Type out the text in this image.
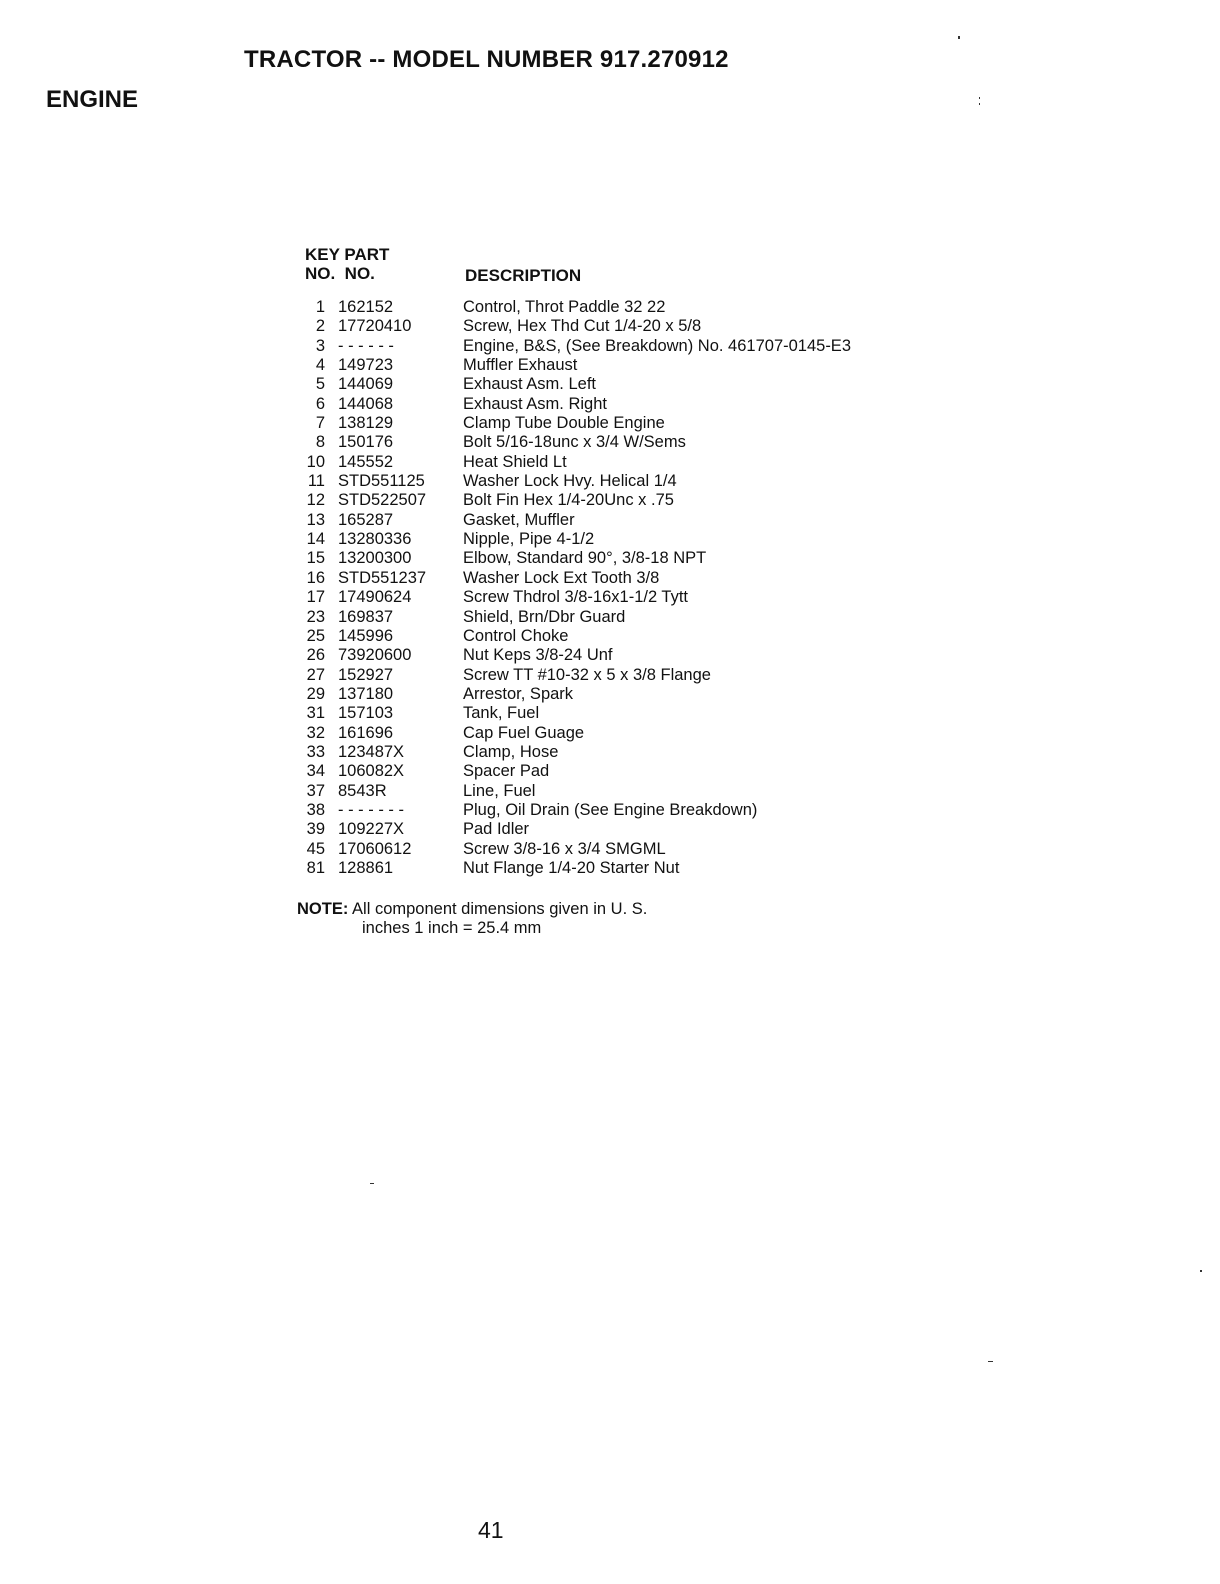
TRACTOR -- MODEL NUMBER 917.270912
ENGINE
KEY PART
NO.  NO.	DESCRIPTION
1 162152	Control, Throt Paddle 32 22
2 17720410	Screw, Hex Thd Cut 1/4-20 x 5/8
3 - - - - - -	Engine, B&S, (See Breakdown) No. 461707-0145-E3
4 149723	Muffler Exhaust
5 144069	Exhaust Asm. Left
6 144068	Exhaust Asm. Right
7 138129	Clamp Tube Double Engine
8 150176	Bolt 5/16-18unc x 3/4 W/Sems
10 145552	Heat Shield Lt
11 STD551125	Washer Lock Hvy. Helical 1/4
12 STD522507	Bolt Fin Hex 1/4-20Unc x .75
13 165287	Gasket, Muffler
14 13280336	Nipple, Pipe 4-1/2
15 13200300	Elbow, Standard 90°, 3/8-18 NPT
16 STD551237	Washer Lock Ext Tooth 3/8
17 17490624	Screw Thdrol 3/8-16x1-1/2 Tytt
23 169837	Shield, Brn/Dbr Guard
25 145996	Control Choke
26 73920600	Nut Keps 3/8-24 Unf
27 152927	Screw TT #10-32 x 5 x 3/8 Flange
29 137180	Arrestor, Spark
31 157103	Tank, Fuel
32 161696	Cap Fuel Guage
33 123487X	Clamp, Hose
34 106082X	Spacer Pad
37 8543R	Line, Fuel
38 - - - - - - -	Plug, Oil Drain (See Engine Breakdown)
39 109227X	Pad Idler
45 17060612	Screw 3/8-16 x 3/4 SMGML
81 128861	Nut Flange 1/4-20 Starter Nut
NOTE: All component dimensions given in U. S.
inches 1 inch = 25.4 mm
41
